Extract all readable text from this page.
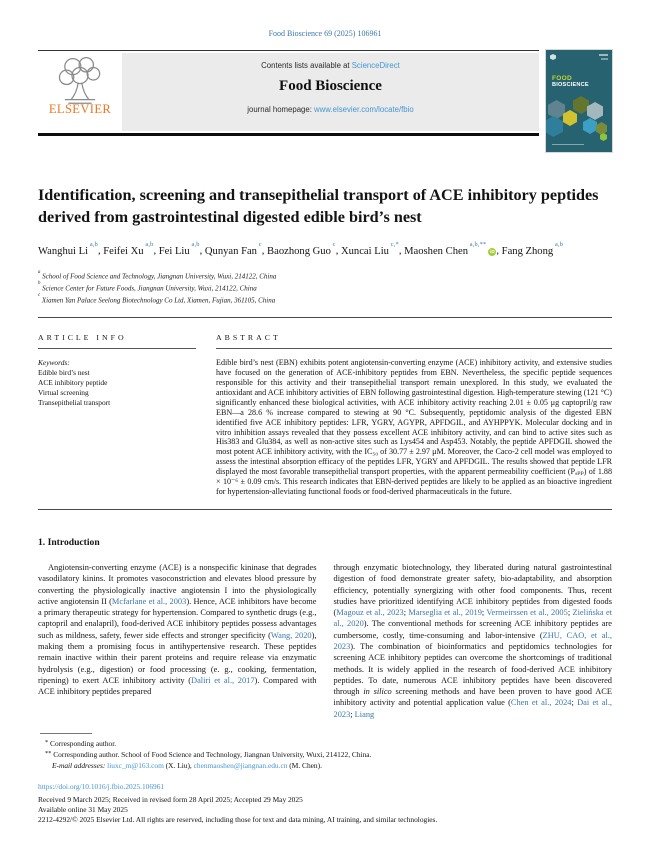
Food Bioscience 69 (2025) 106961
ELSEVIER
Contents lists available at ScienceDirect
Food Bioscience
journal homepage: www.elsevier.com/locate/fbio
FOOD
BIOSCIENCE
Identification, screening and transepithelial transport of ACE inhibitory peptides derived from gastrointestinal digested edible bird’s nest
Wanghui Li $^{a,b}$, Feifei Xu $^{a,b}$, Fei Liu $^{a,b}$, Qunyan Fan $^c$, Baozhong Guo $^c$, Xuncai Liu $^{c,*}$, Maoshen Chen $^{a,b,**}$iD , Fang Zhong $^{a,b}$
$^a$ School of Food Science and Technology, Jiangnan University, Wuxi, 214122, China
$^b$ Science Center for Future Foods, Jiangnan University, Wuxi, 214122, China
$^c$ Xiamen Yan Palace Seelong Biotechnology Co Ltd, Xiamen, Fujian, 361105, China
ARTICLE INFO
Keywords:
Edible bird’s nest
ACE inhibitory peptide
Virtual screening
Transepithelial transport
ABSTRACT

Edible bird’s nest (EBN) exhibits potent angiotensin-converting enzyme (ACE) inhibitory activity, and extensive studies have focused on the generation of ACE-inhibitory peptides from EBN. Nevertheless, the specific peptide sequences responsible for this activity and their transepithelial transport remain unexplored. In this study, we evaluated the antioxidant and ACE inhibitory activities of EBN following gastrointestinal digestion. High-temperature stewing (121 °C) significantly enhanced these biological activities, with ACE inhibitory activity reaching 2.01 ± 0.05 μg captopril/g raw EBN—a 28.6 % increase compared to stewing at 90 °C. Subsequently, peptidomic analysis of the digested EBN identified five ACE inhibitory peptides: LFR, YGRY, AGYPR, APFDGIL, and AYHPPYK. Molecular docking and in vitro inhibition assays revealed that they possess excellent ACE inhibitory activity, and can bind to active sites such as His383 and Glu384, as well as non-active sites such as Lys454 and Asp453. Notably, the peptide APFDGIL showed the most potent ACE inhibitory activity, with the IC₅₀ of 30.77 ± 2.97 μM. Moreover, the Caco-2 cell model was employed to assess the intestinal absorption efficacy of the peptides LFR, YGRY and APFDGIL. The results showed that peptide LFR displayed the most favorable transepithelial transport properties, with the apparent permeability coefficient (Pₐₚₚ) of 1.88 × 10⁻⁶ ± 0.09 cm/s. This research indicates that EBN-derived peptides are likely to be applied as an bioactive ingredient for hypertension-alleviating functional foods or food-derived pharmaceuticals in the future.

1. Introduction

Angiotensin-converting enzyme (ACE) is a nonspecific kininase that degrades vasodilatory kinins. It promotes vasoconstriction and elevates blood pressure by converting the physiologically inactive angiotensin I into the physiologically active angiotensin II (Mcfarlane et al., 2003). Hence, ACE inhibitors have become a primary therapeutic strategy for hypertension. Compared to synthetic drugs (e.g., captopril and enalapril), food-derived ACE inhibitory peptides possess advantages such as mildness, safety, fewer side effects and stronger specificity (Wang, 2020), making them a promising focus in antihypertensive research. These peptides remain inactive within their parent proteins and require release via enzymatic hydrolysis (e.g., digestion) or food processing (e. g., cooking, fermentation, ripening) to exert ACE inhibitory activity (Daliri et al., 2017). Compared with ACE inhibitory peptides prepared

through enzymatic biotechnology, they liberated during natural gastrointestinal digestion of food demonstrate greater safety, bio-adaptability, and absorption efficiency, potentially synergizing with other food components. Thus, recent studies have prioritized identifying ACE inhibitory peptides from digested foods (Magouz et al., 2023; Marseglia et al., 2019; Vermeirssen et al., 2005; Zielińska et al., 2020). The conventional methods for screening ACE inhibitory peptides are cumbersome, costly, time-consuming and labor-intensive (ZHU, CAO, et al., 2023). The combination of bioinformatics and peptidomics technologies for screening ACE inhibitory peptides can overcome the shortcomings of traditional methods. It is widely applied in the research of food-derived ACE inhibitory peptides. To date, numerous ACE inhibitory peptides have been discovered through in silico screening methods and have been proven to have good ACE inhibitory activity and potential application value (Chen et al., 2024; Dai et al., 2023; Liang

* Corresponding author.
** Corresponding author. School of Food Science and Technology, Jiangnan University, Wuxi, 214122, China.
E-mail addresses: liuxc_m@163.com (X. Liu), chenmaoshen@jiangnan.edu.cn (M. Chen).
https://doi.org/10.1016/j.fbio.2025.106961
Received 9 March 2025; Received in revised form 28 April 2025; Accepted 29 May 2025
Available online 31 May 2025
2212-4292/© 2025 Elsevier Ltd. All rights are reserved, including those for text and data mining, AI training, and similar technologies.
